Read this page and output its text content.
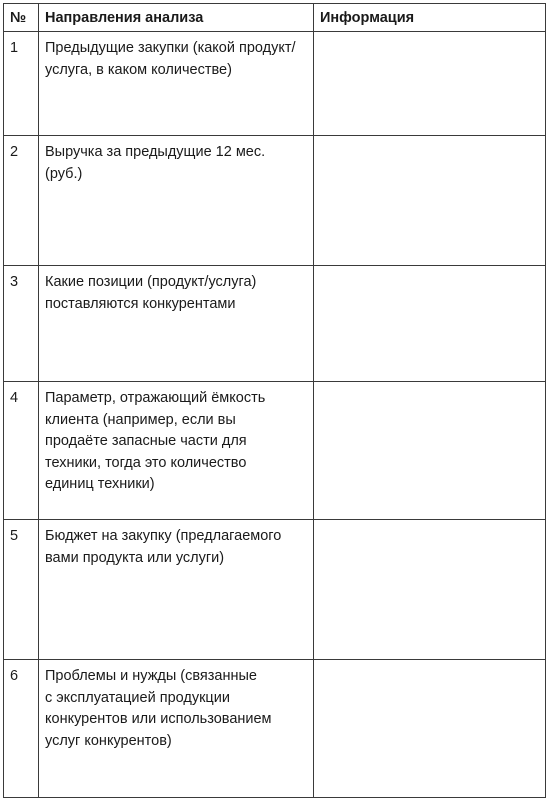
№	Направления анализа	Информация
1	Предыдущие закупки (какой продукт/
услуга, в каком количестве)	

2	Выручка за предыдущие 12 мес.
(руб.)	

3	Какие позиции (продукт/услуга)
поставляются конкурентами	

4	Параметр, отражающий ёмкость
клиента (например, если вы
продаёте запасные части для
техники, тогда это количество
единиц техники)	

5	Бюджет на закупку (предлагаемого
вами продукта или услуги)	

6	Проблемы и нужды (связанные
с эксплуатацией продукции
конкурентов или использованием
услуг конкурентов)	
